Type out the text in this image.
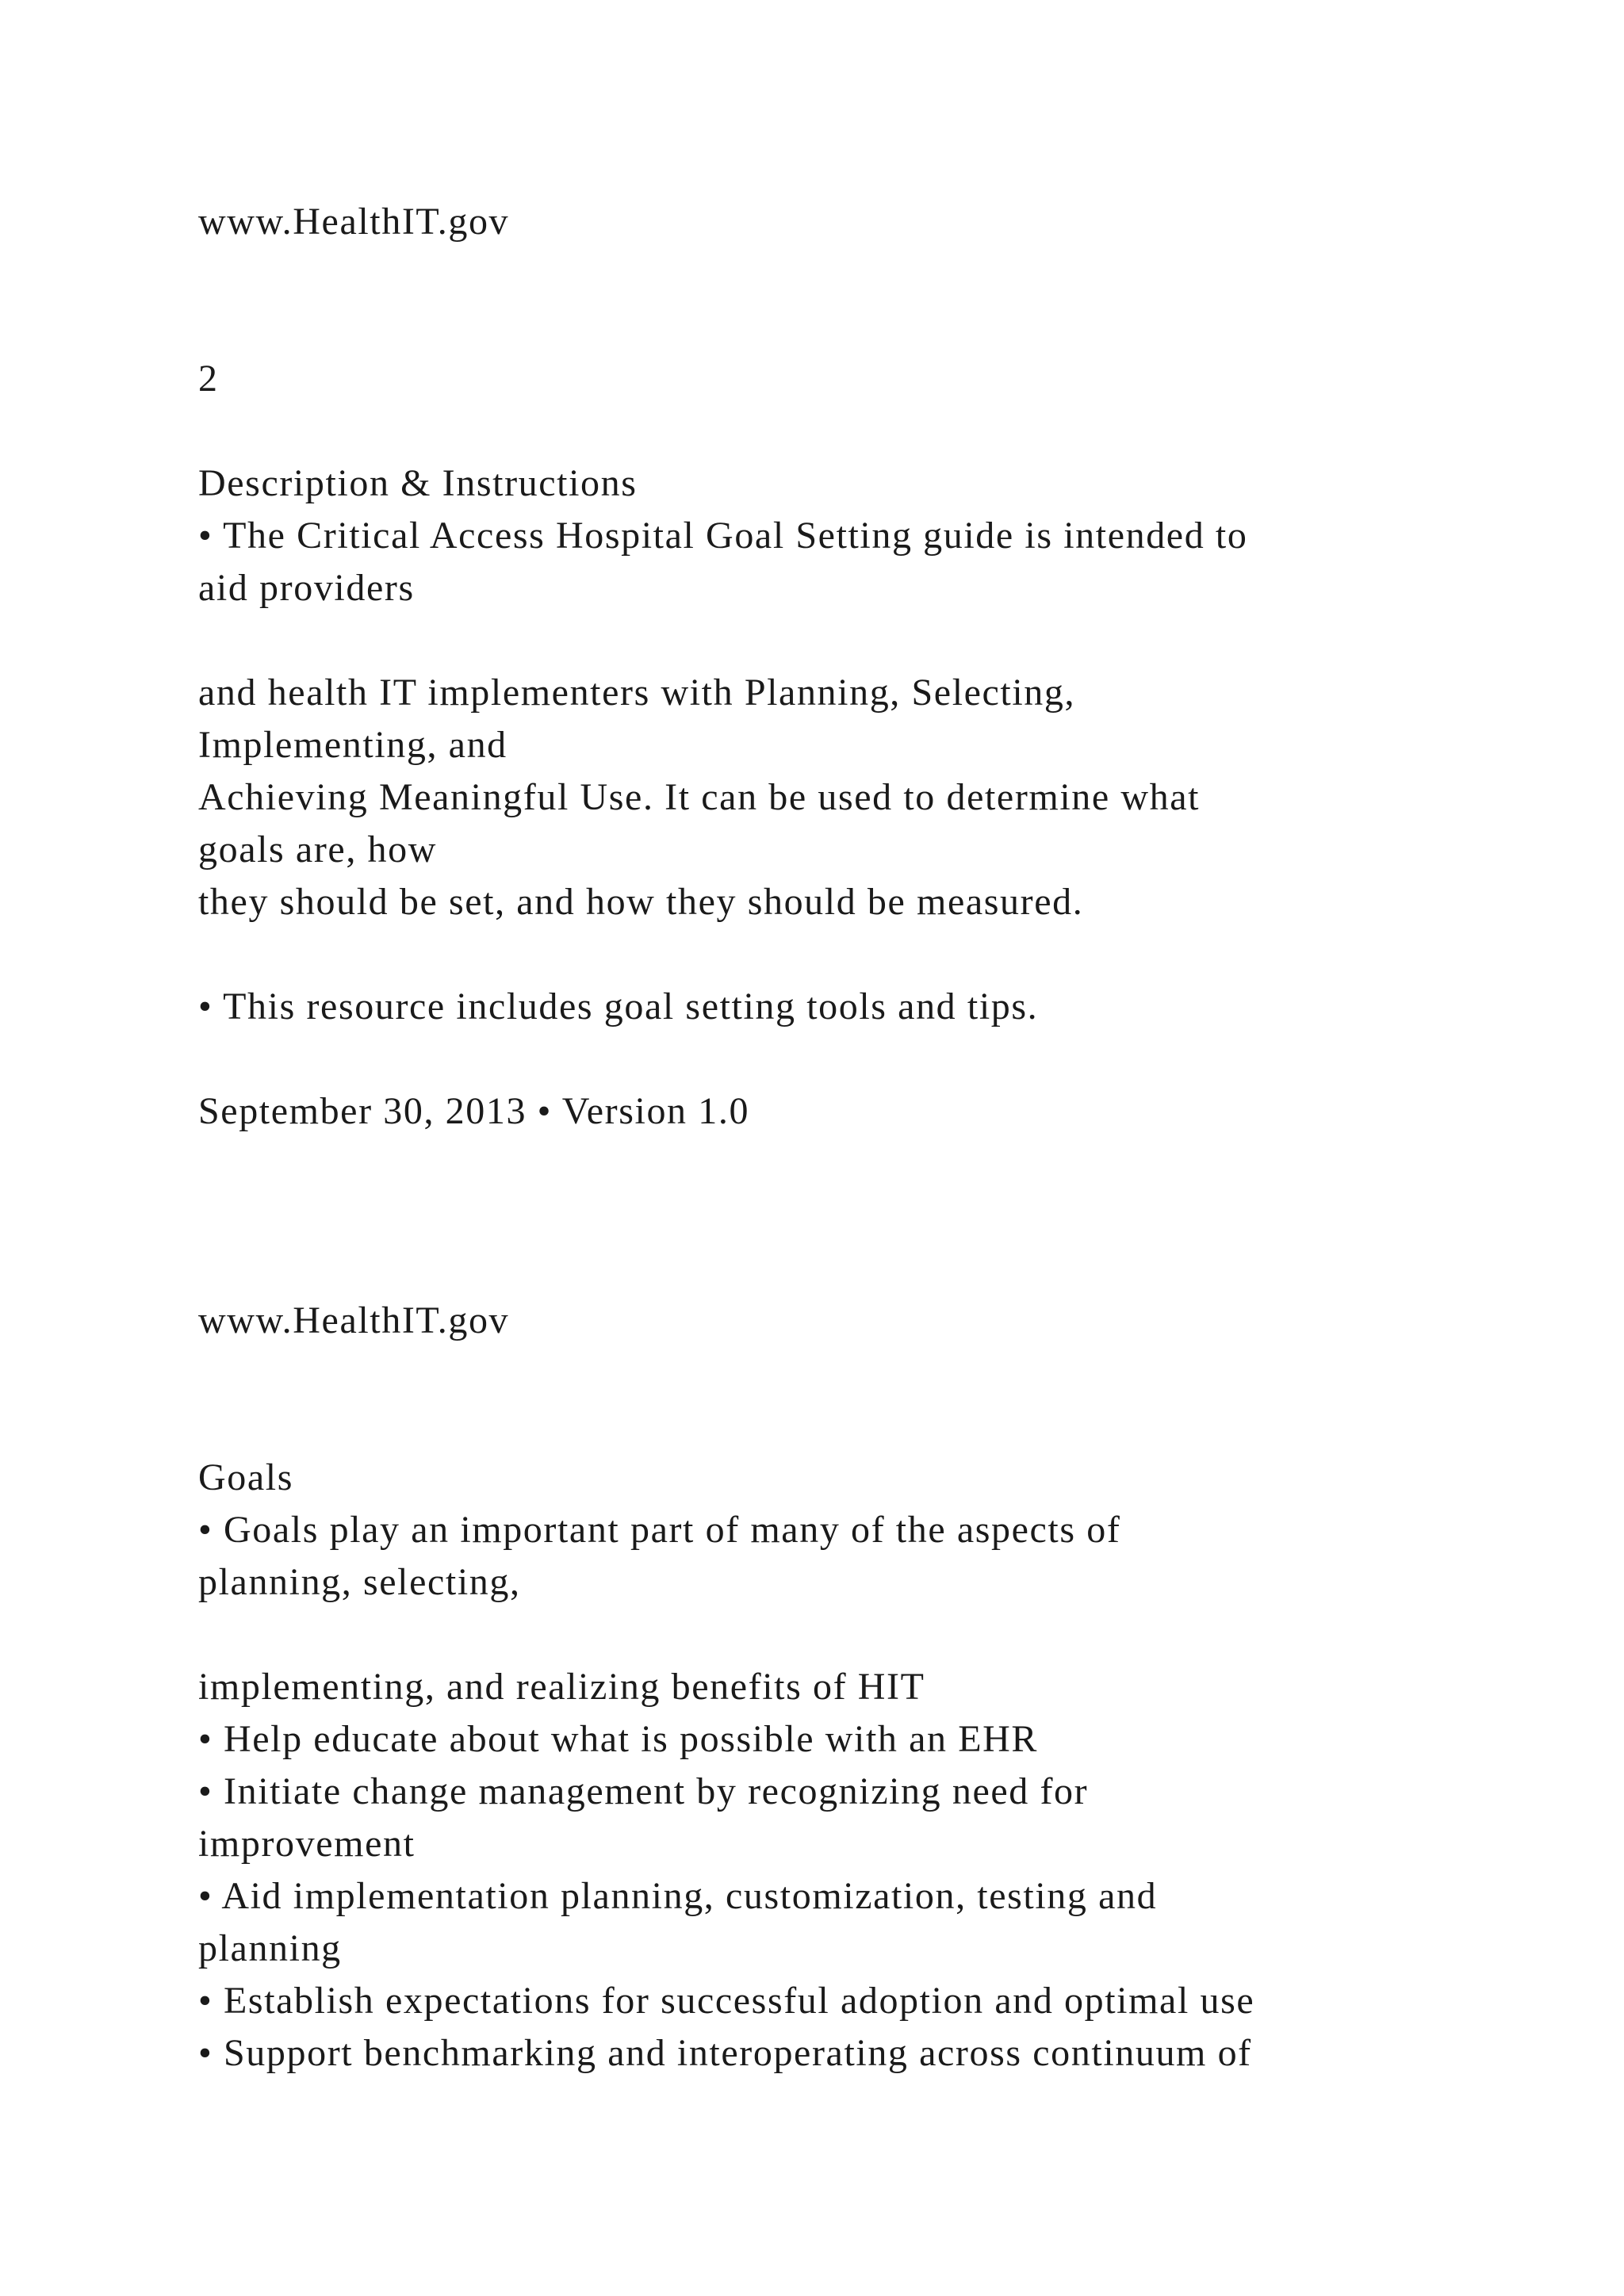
www.HealthIT.gov
2
Description & Instructions
• The Critical Access Hospital Goal Setting guide is intended to
aid providers
and health IT implementers with Planning, Selecting,
Implementing, and
Achieving Meaningful Use. It can be used to determine what
goals are, how
they should be set, and how they should be measured.
• This resource includes goal setting tools and tips.
September 30, 2013 • Version 1.0
www.HealthIT.gov
Goals
• Goals play an important part of many of the aspects of
planning, selecting,
implementing, and realizing benefits of HIT
• Help educate about what is possible with an EHR
• Initiate change management by recognizing need for
improvement
• Aid implementation planning, customization, testing and
planning
• Establish expectations for successful adoption and optimal use
• Support benchmarking and interoperating across continuum of
